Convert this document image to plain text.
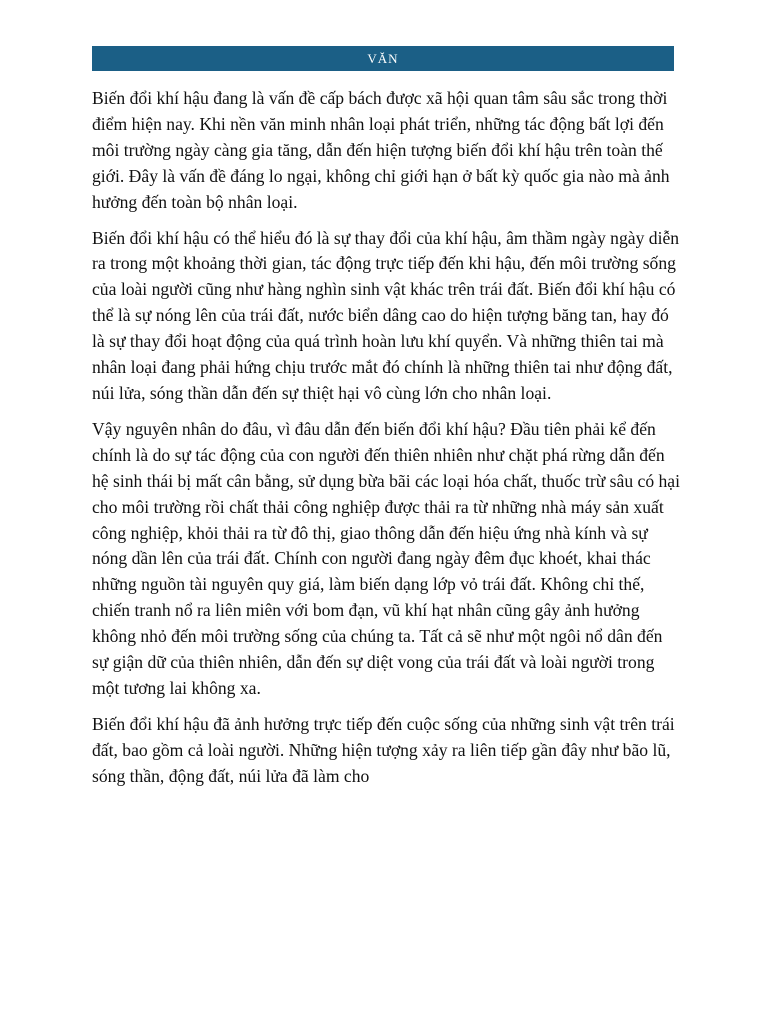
VĂN

Biến đổi khí hậu đang là vấn đề cấp bách được xã hội quan tâm sâu sắc trong thời điểm hiện nay. Khi nền văn minh nhân loại phát triển, những tác động bất lợi đến môi trường ngày càng gia tăng, dẫn đến hiện tượng biến đổi khí hậu trên toàn thế giới. Đây là vấn đề đáng lo ngại, không chỉ giới hạn ở bất kỳ quốc gia nào mà ảnh hưởng đến toàn bộ nhân loại.

Biến đổi khí hậu có thể hiểu đó là sự thay đổi của khí hậu, âm thầm ngày ngày diễn ra trong một khoảng thời gian, tác động trực tiếp đến khi hậu, đến môi trường sống của loài người cũng như hàng nghìn sinh vật khác trên trái đất. Biến đổi khí hậu có thể là sự nóng lên của trái đất, nước biển dâng cao do hiện tượng băng tan, hay đó là sự thay đổi hoạt động của quá trình hoàn lưu khí quyển. Và những thiên tai mà nhân loại đang phải hứng chịu trước mắt đó chính là những thiên tai như động đất, núi lửa, sóng thần dẫn đến sự thiệt hại vô cùng lớn cho nhân loại.

Vậy nguyên nhân do đâu, vì đâu dẫn đến biến đổi khí hậu? Đầu tiên phải kể đến chính là do sự tác động của con người đến thiên nhiên như chặt phá rừng dẫn đến hệ sinh thái bị mất cân bằng, sử dụng bừa bãi các loại hóa chất, thuốc trừ sâu có hại cho môi trường rồi chất thải công nghiệp được thải ra từ những nhà máy sản xuất công nghiệp, khỏi thải ra từ đô thị, giao thông dẫn đến hiệu ứng nhà kính và sự nóng dần lên của trái đất. Chính con người đang ngày đêm đục khoét, khai thác những nguồn tài nguyên quy giá, làm biến dạng lớp vỏ trái đất. Không chỉ thế, chiến tranh nổ ra liên miên với bom đạn, vũ khí hạt nhân cũng gây ảnh hưởng không nhỏ đến môi trường sống của chúng ta. Tất cả sẽ như một ngôi nổ dân đến sự giận dữ của thiên nhiên, dẫn đến sự diệt vong của trái đất và loài người trong một tương lai không xa.

Biến đổi khí hậu đã ảnh hưởng trực tiếp đến cuộc sống của những sinh vật trên trái đất, bao gồm cả loài người. Những hiện tượng xảy ra liên tiếp gần đây như bão lũ, sóng thần, động đất, núi lửa đã làm cho
